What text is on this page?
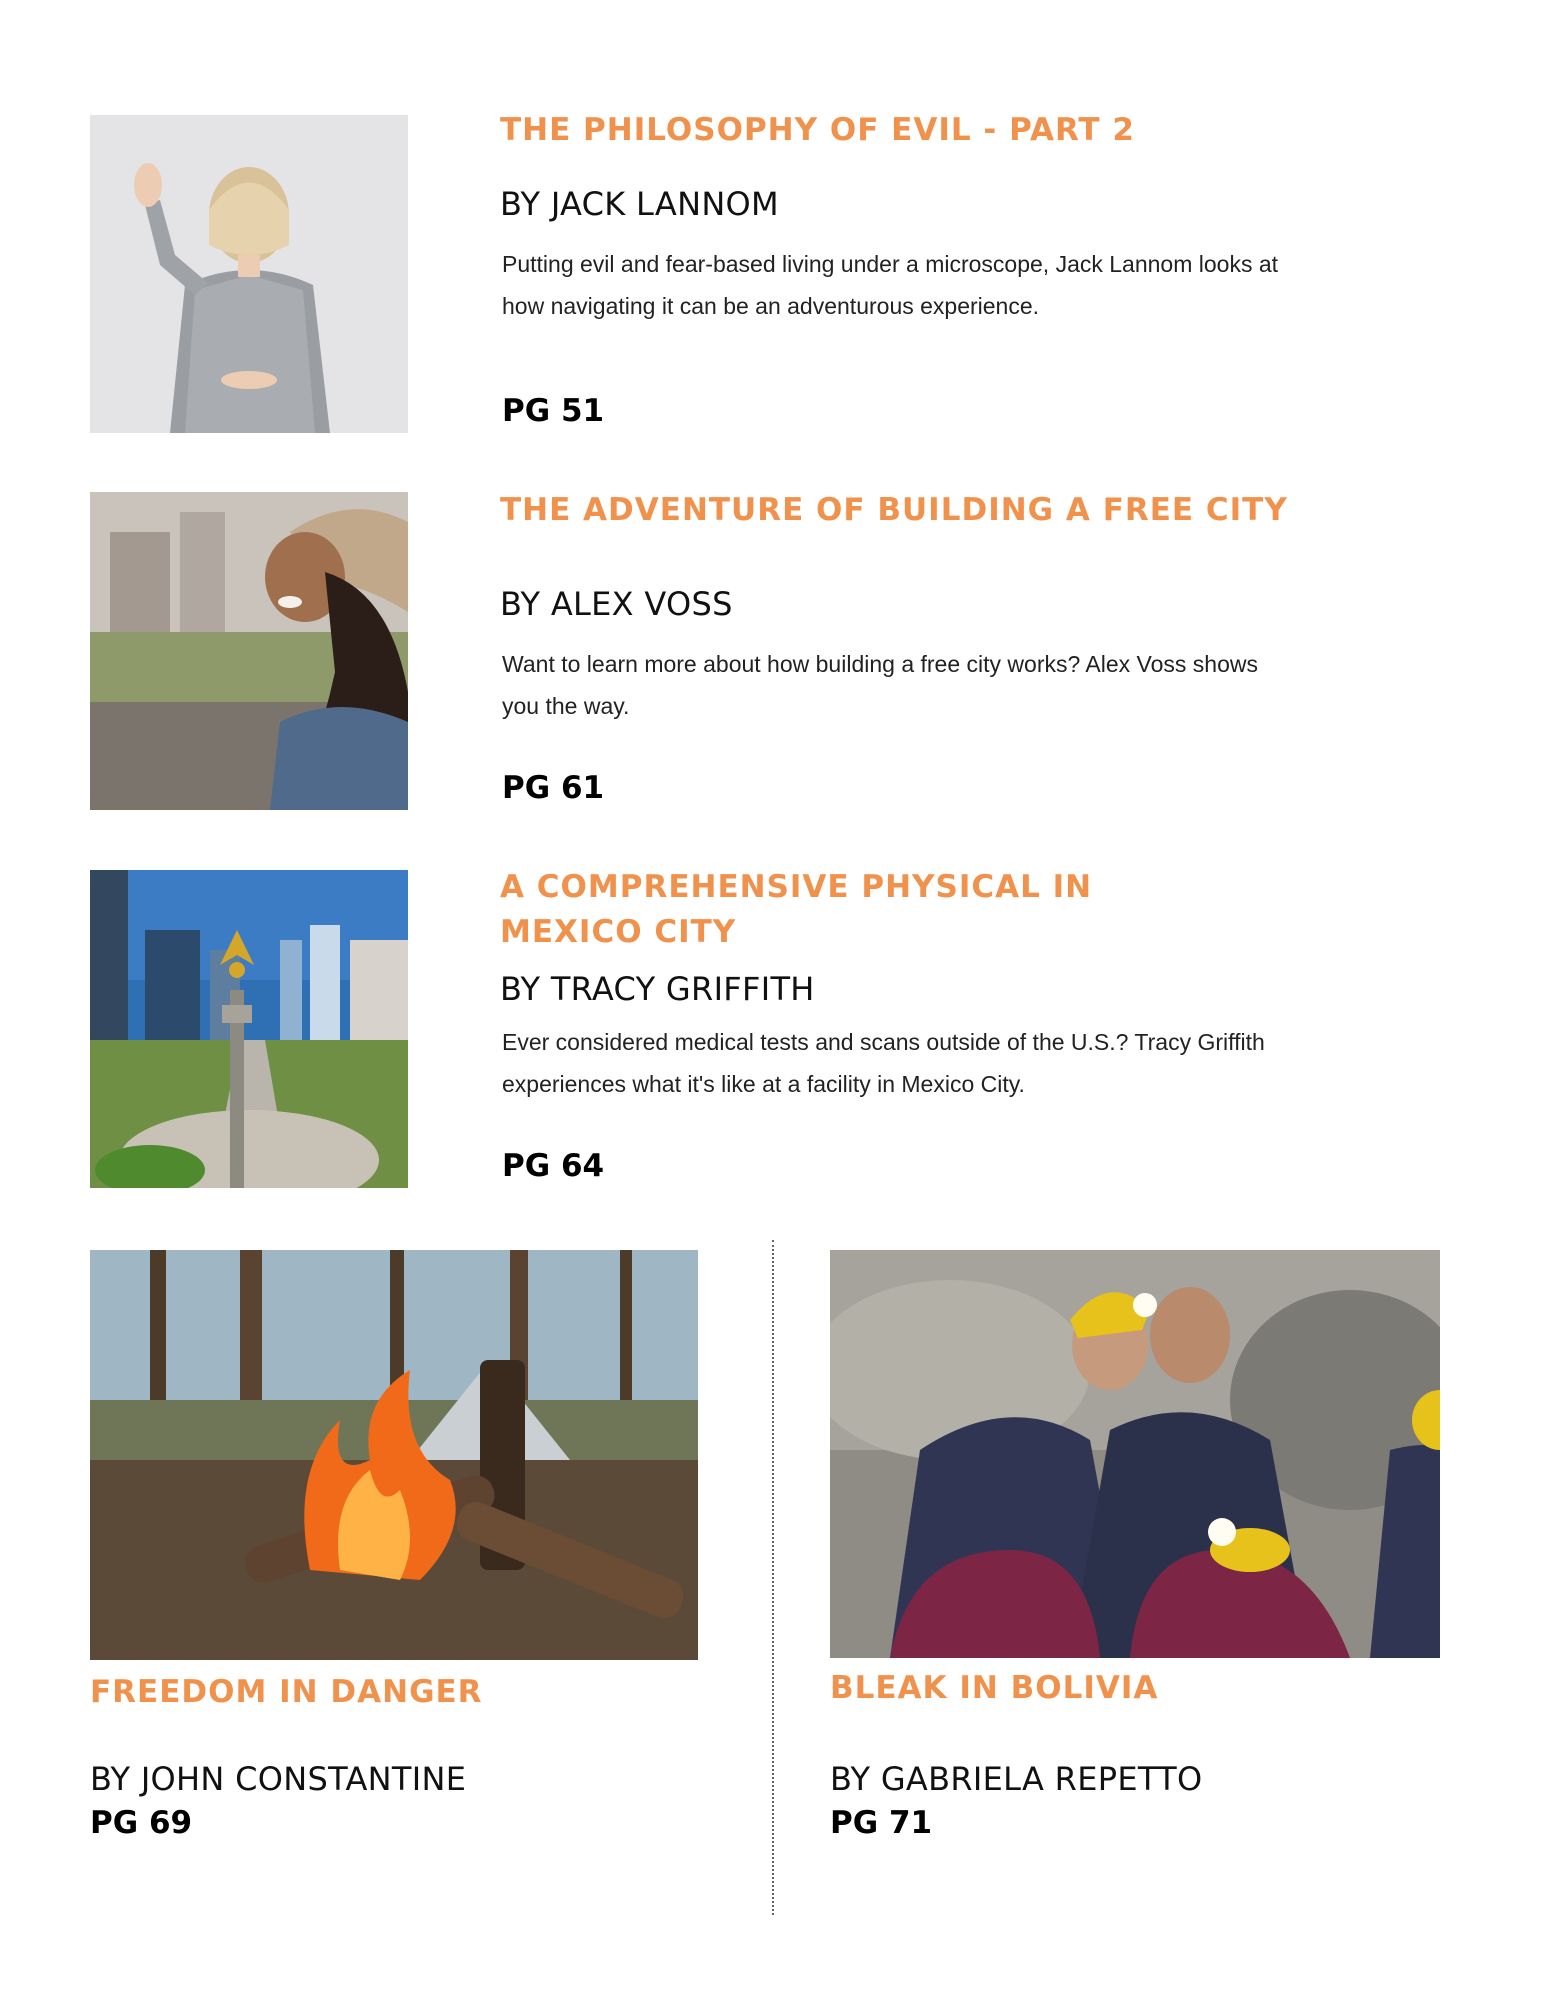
THE PHILOSOPHY OF EVIL - PART 2
BY JACK LANNOM
Putting evil and fear-based living under a microscope, Jack Lannom looks at how navigating it can be an adventurous experience.
PG 51
THE ADVENTURE OF BUILDING A FREE CITY
BY ALEX VOSS
Want to learn more about how building a free city works? Alex Voss shows you the way.
PG 61
A COMPREHENSIVE PHYSICAL IN MEXICO CITY
BY TRACY GRIFFITH
Ever considered medical tests and scans outside of the U.S.? Tracy Griffith experiences what it's like at a facility in Mexico City.
PG 64
FREEDOM IN DANGER
BY JOHN CONSTANTINE
PG 69
BLEAK IN BOLIVIA
BY GABRIELA REPETTO
PG 71
